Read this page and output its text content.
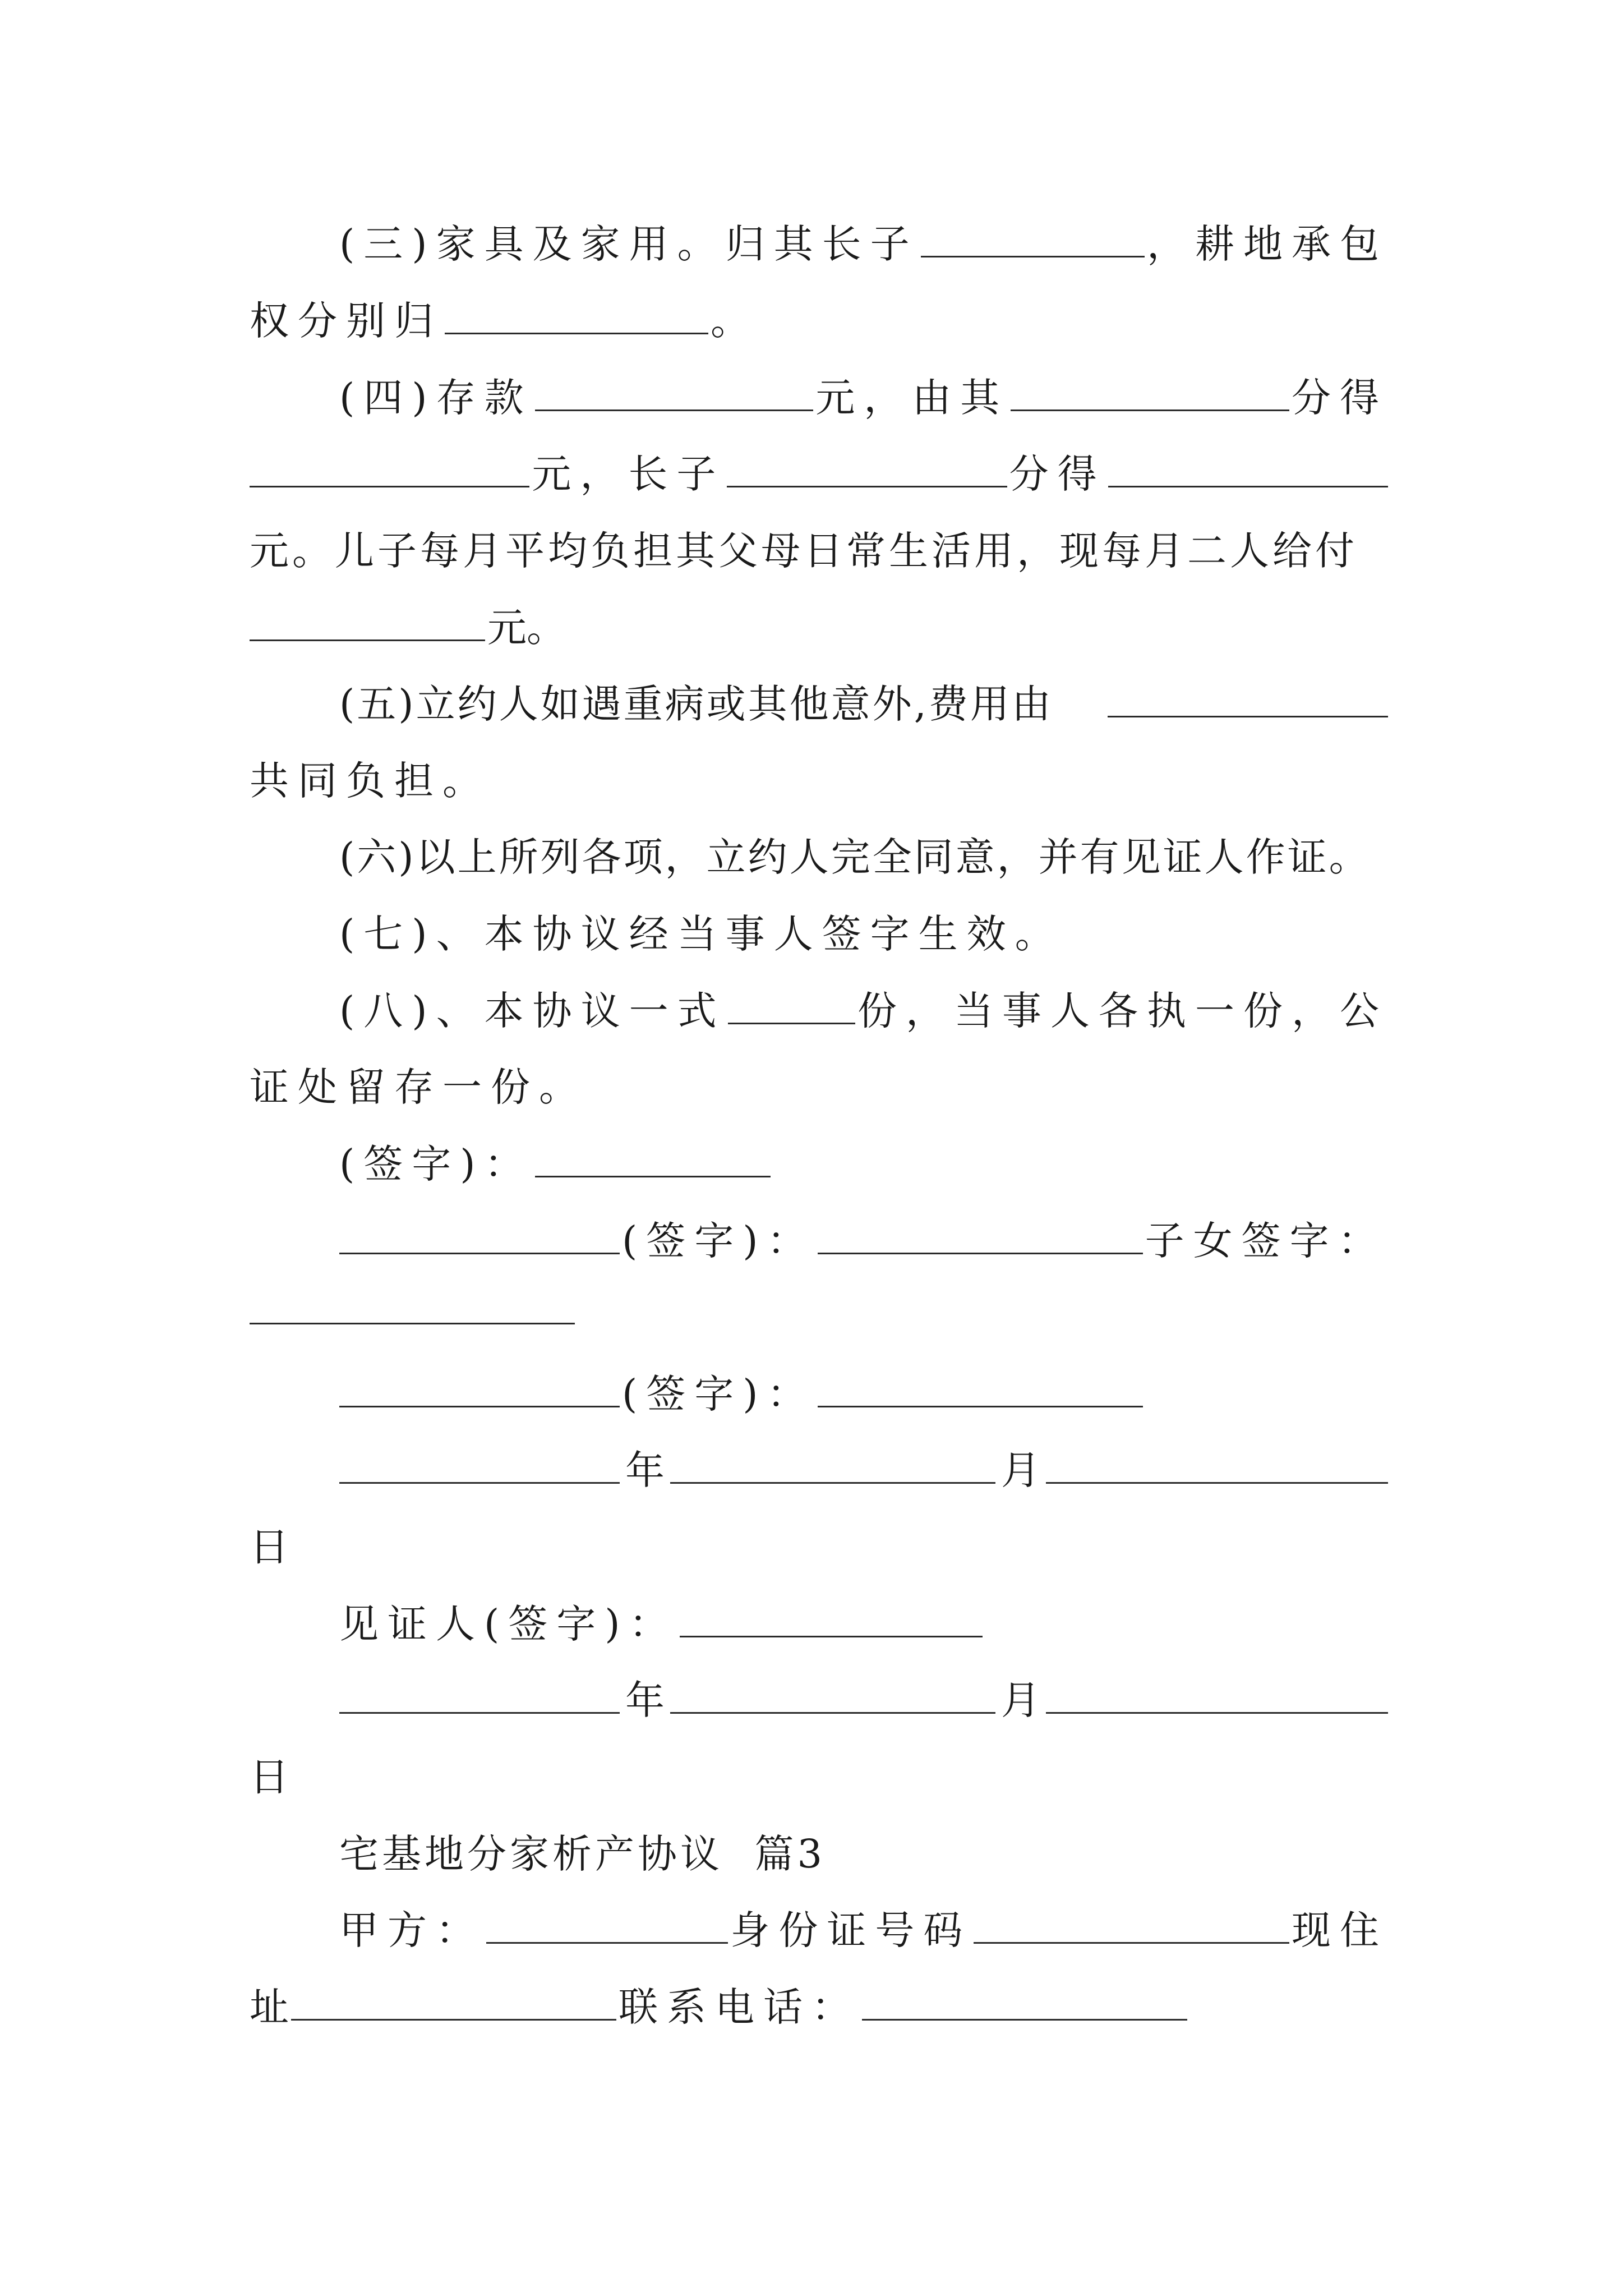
(三)家具及家用。归其长子	，耕地承包
权分别归	。
(四)存款	元，由其	分得
元，长子	分得
元。儿子每月平均负担其父母日常生活用，现每月二人给付
元。
(五)立约人如遇重病或其他意外,费用由
共同负担。
(六)以上所列各项，立约人完全同意，并有见证人作证。
(七)、本协议经当事人签字生效。
(八)、本协议一式	份，当事人各执一份，公
证处留存一份。
(签字)：
(签字)：	子女签字：
(签字)：
年	月
日
见证人(签字)：
年	月
日
宅基地分家析产协议  篇3
甲方：	身份证号码	现住
址	联系电话：
